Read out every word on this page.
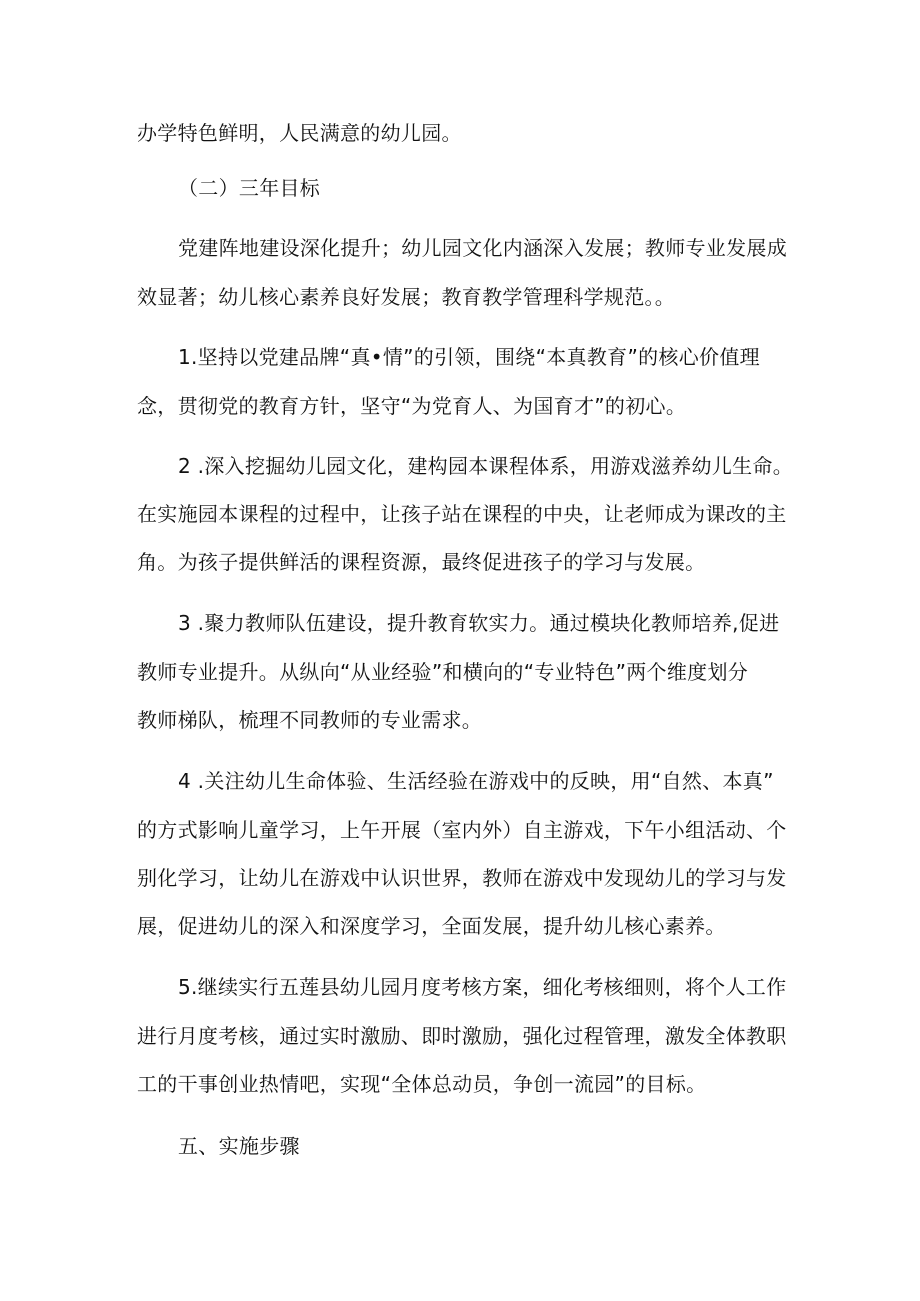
办学特色鲜明，人民满意的幼儿园。
（二）三年目标
党建阵地建设深化提升；幼儿园文化内涵深入发展；教师专业发展成
效显著；幼儿核心素养良好发展；教育教学管理科学规范。。
1.坚持以党建品牌“真•情”的引领，围绕“本真教育”的核心价值理
念，贯彻党的教育方针，坚守“为党育人、为国育才”的初心。
2 .深入挖掘幼儿园文化，建构园本课程体系，用游戏滋养幼儿生命。
在实施园本课程的过程中，让孩子站在课程的中央，让老师成为课改的主
角。为孩子提供鲜活的课程资源，最终促进孩子的学习与发展。
3 .聚力教师队伍建设，提升教育软实力。通过模块化教师培养,促进
教师专业提升。从纵向“从业经验”和横向的“专业特色”两个维度划分
教师梯队，梳理不同教师的专业需求。
4 .关注幼儿生命体验、生活经验在游戏中的反映，用“自然、本真”
的方式影响儿童学习，上午开展（室内外）自主游戏，下午小组活动、个
别化学习，让幼儿在游戏中认识世界，教师在游戏中发现幼儿的学习与发
展，促进幼儿的深入和深度学习，全面发展，提升幼儿核心素养。
5.继续实行五莲县幼儿园月度考核方案，细化考核细则，将个人工作
进行月度考核，通过实时激励、即时激励，强化过程管理，激发全体教职
工的干事创业热情吧，实现“全体总动员，争创一流园”的目标。
五、实施步骤
